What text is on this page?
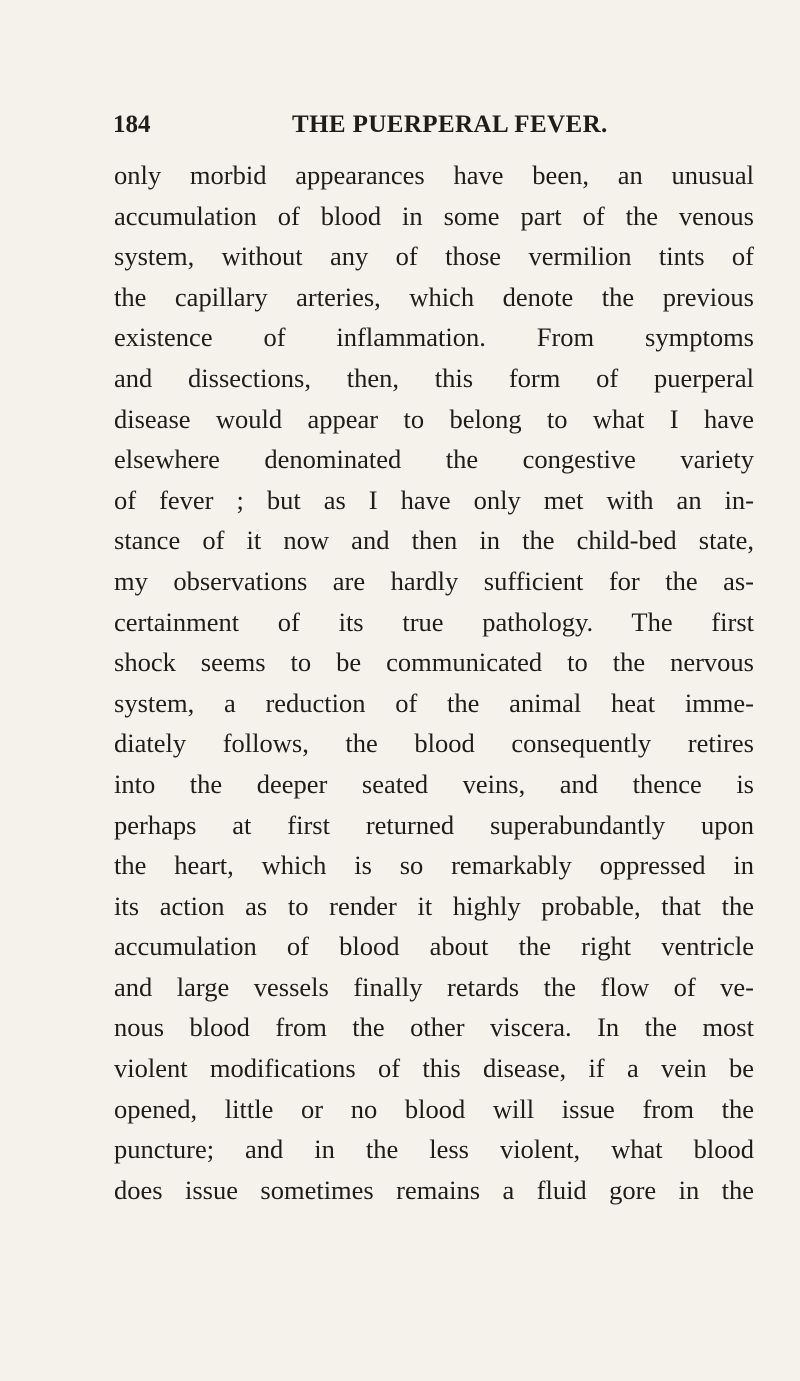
184	THE PUERPERAL FEVER.
only morbid appearances have been, an unusual
accumulation of blood in some part of the venous
system, without any of those vermilion tints of
the capillary arteries, which denote the previous
existence of inflammation. From symptoms
and dissections, then, this form of puerperal
disease would appear to belong to what I have
elsewhere denominated the congestive variety
of fever ; but as I have only met with an in-
stance of it now and then in the child-bed state,
my observations are hardly sufficient for the as-
certainment of its true pathology. The first
shock seems to be communicated to the nervous
system, a reduction of the animal heat imme-
diately follows, the blood consequently retires
into the deeper seated veins, and thence is
perhaps at first returned superabundantly upon
the heart, which is so remarkably oppressed in
its action as to render it highly probable, that the
accumulation of blood about the right ventricle
and large vessels finally retards the flow of ve-
nous blood from the other viscera. In the most
violent modifications of this disease, if a vein be
opened, little or no blood will issue from the
puncture; and in the less violent, what blood
does issue sometimes remains a fluid gore in the
